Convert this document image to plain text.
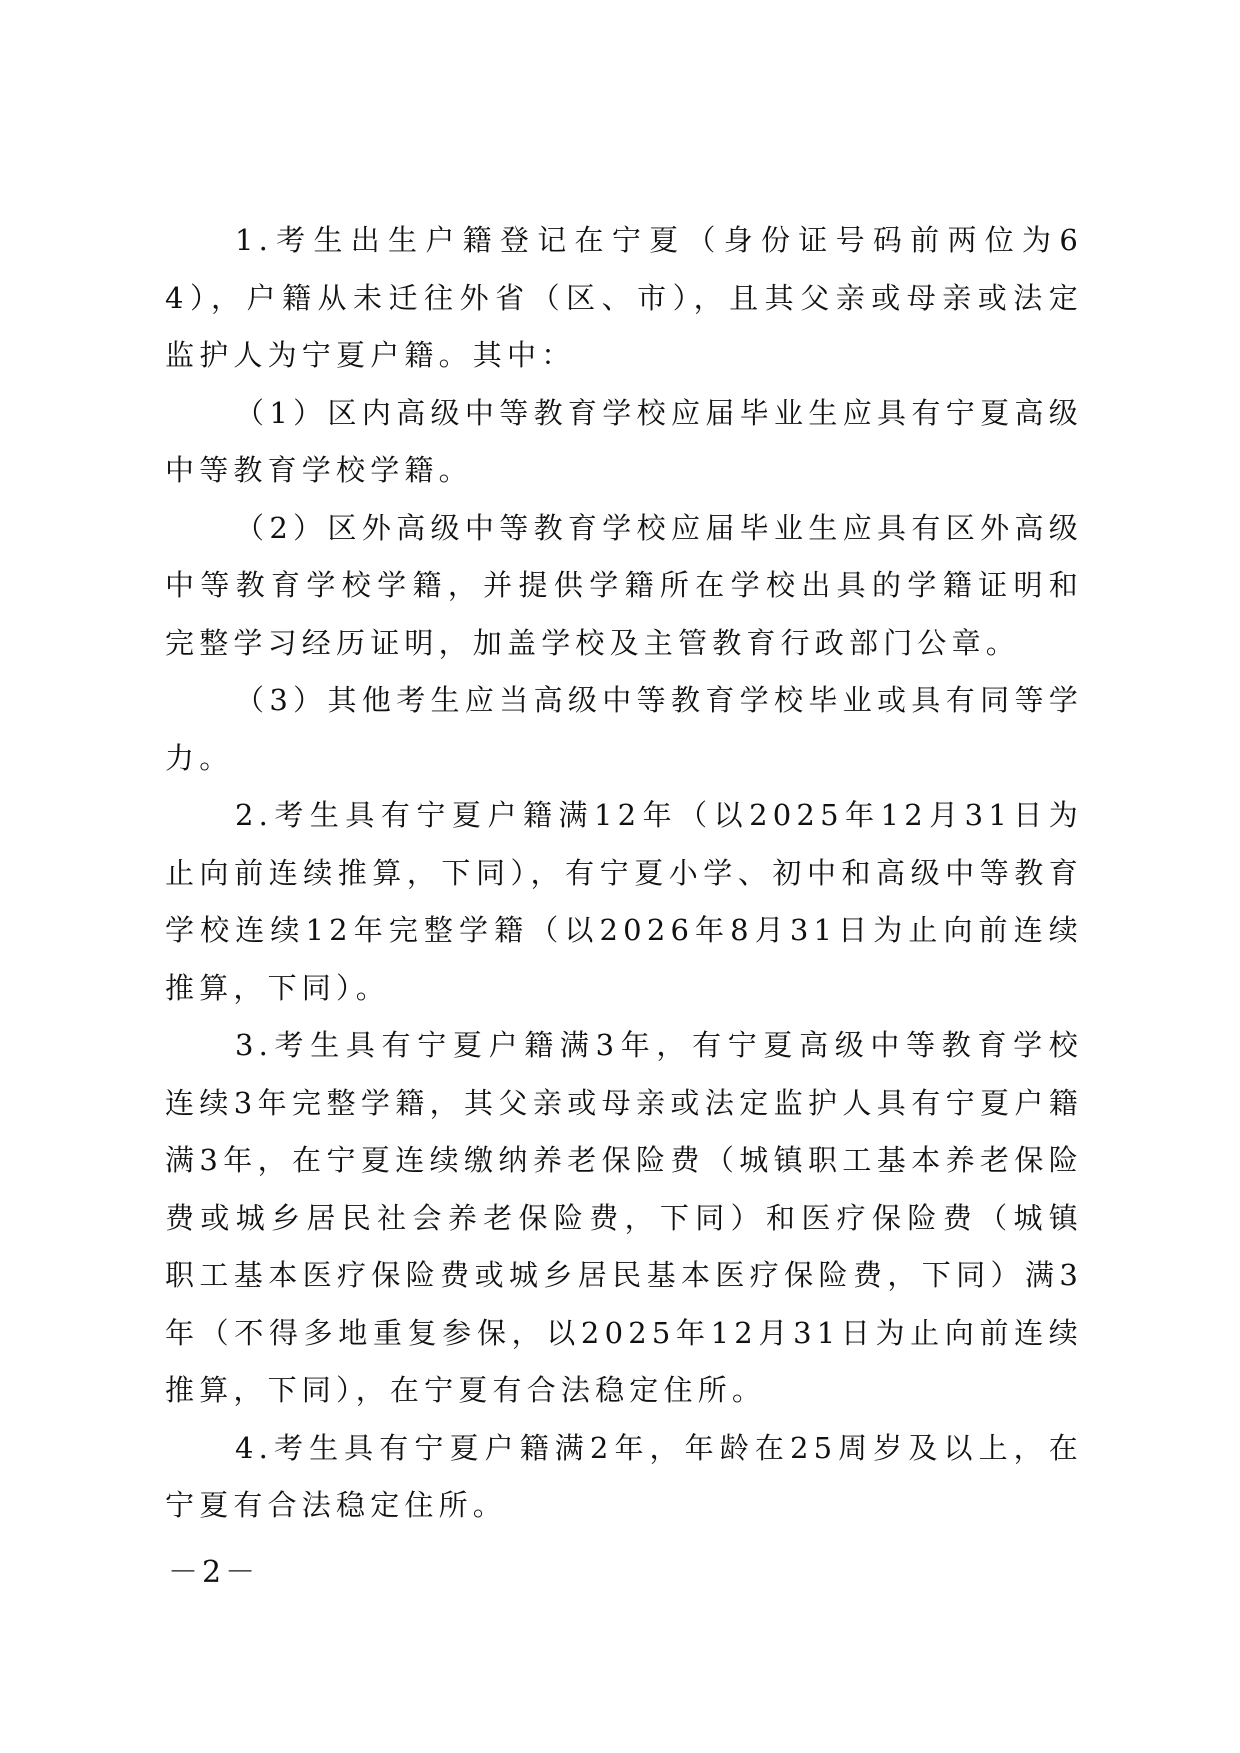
1.考生出生户籍登记在宁夏（身份证号码前两位为64），户籍从未迁往外省（区、市），且其父亲或母亲或法定监护人为宁夏户籍。其中：

（1）区内高级中等教育学校应届毕业生应具有宁夏高级中等教育学校学籍。

（2）区外高级中等教育学校应届毕业生应具有区外高级中等教育学校学籍，并提供学籍所在学校出具的学籍证明和完整学习经历证明，加盖学校及主管教育行政部门公章。

（3）其他考生应当高级中等教育学校毕业或具有同等学力。

2.考生具有宁夏户籍满12年（以2025年12月31日为止向前连续推算，下同），有宁夏小学、初中和高级中等教育学校连续12年完整学籍（以2026年8月31日为止向前连续推算，下同）。

3.考生具有宁夏户籍满3年，有宁夏高级中等教育学校连续3年完整学籍，其父亲或母亲或法定监护人具有宁夏户籍满3年，在宁夏连续缴纳养老保险费（城镇职工基本养老保险费或城乡居民社会养老保险费，下同）和医疗保险费（城镇职工基本医疗保险费或城乡居民基本医疗保险费，下同）满3年（不得多地重复参保，以2025年12月31日为止向前连续推算，下同），在宁夏有合法稳定住所。

4.考生具有宁夏户籍满2年，年龄在25周岁及以上，在宁夏有合法稳定住所。

－2－
